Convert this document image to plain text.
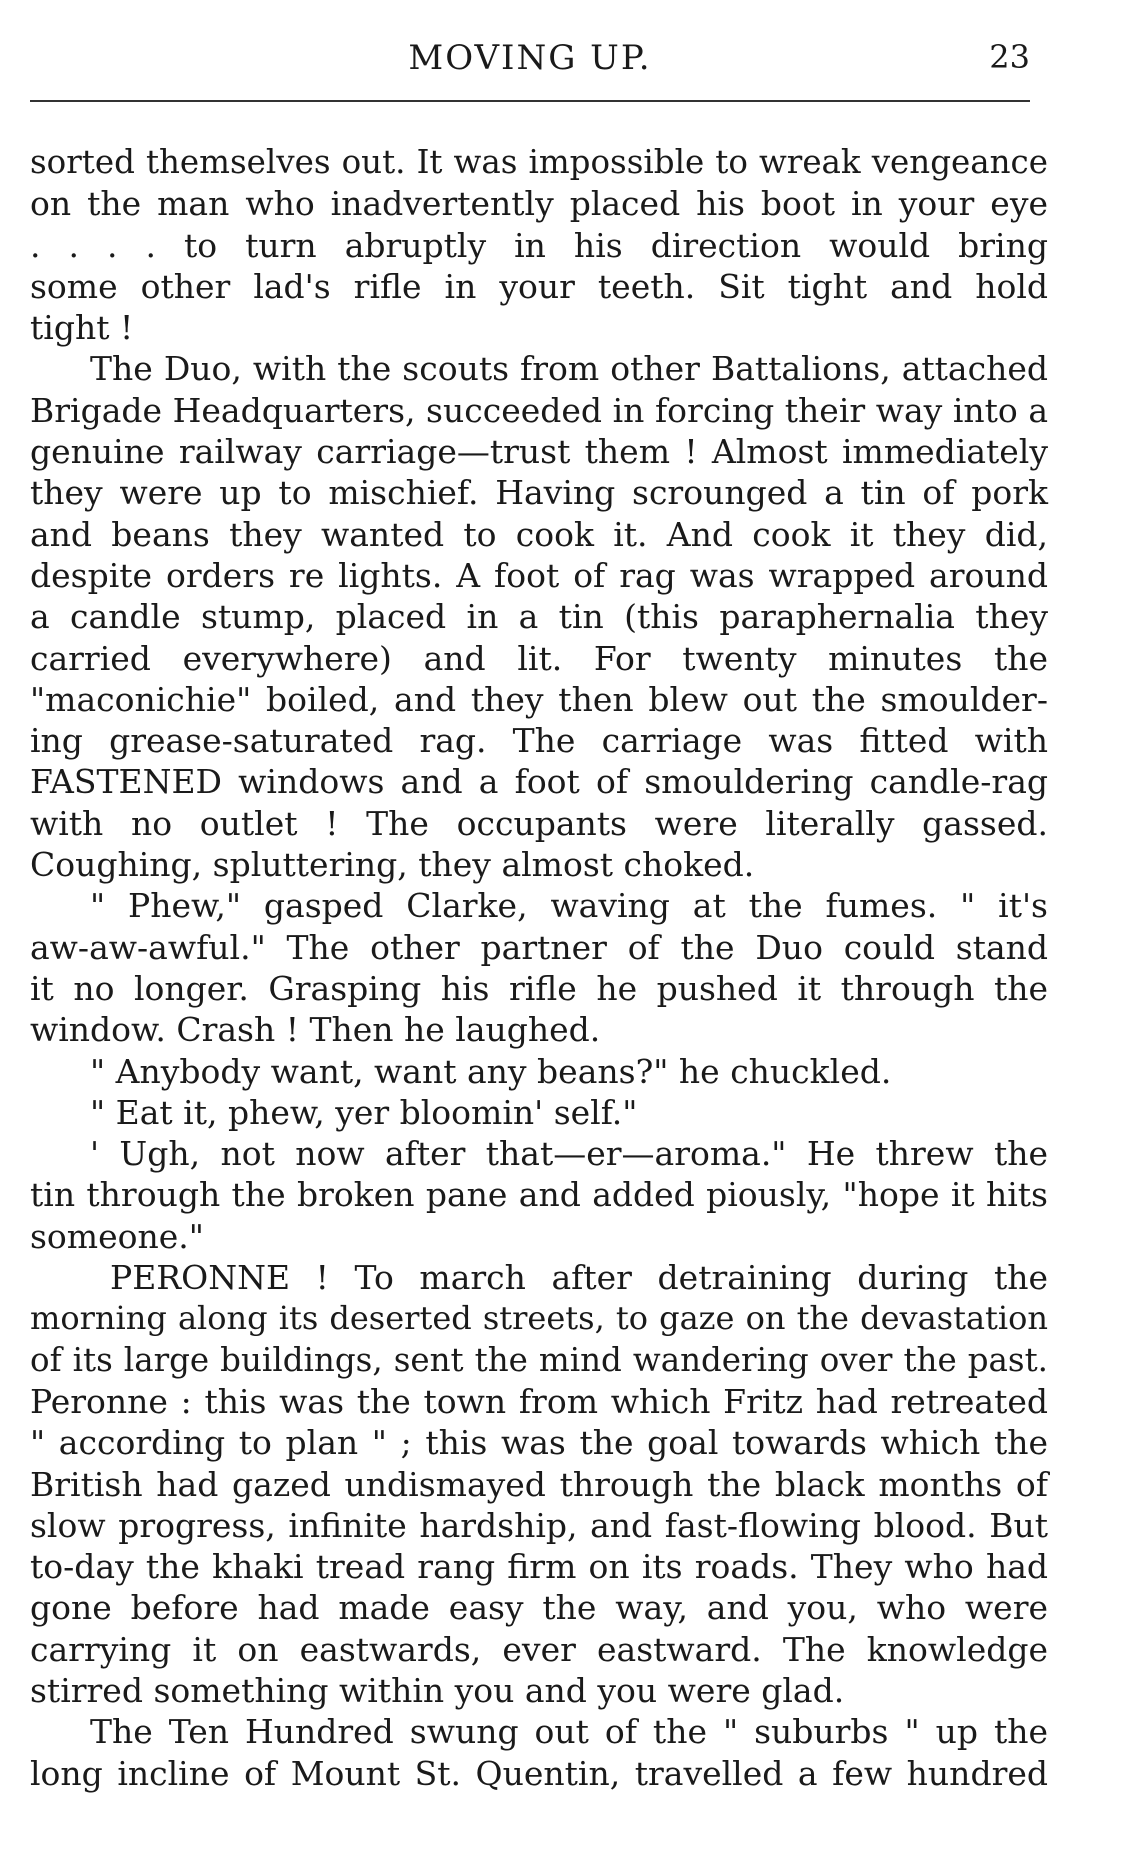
MOVING UP.	23
sorted themselves out. It was impossible to wreak vengeance
on the man who inadvertently placed his boot in your eye
. . . . to turn abruptly in his direction would bring
some other lad's rifle in your teeth. Sit tight and hold
tight !
The Duo, with the scouts from other Battalions, attached
Brigade Headquarters, succeeded in forcing their way into a
genuine railway carriage—trust them ! Almost immediately
they were up to mischief. Having scrounged a tin of pork
and beans they wanted to cook it. And cook it they did,
despite orders re lights. A foot of rag was wrapped around
a candle stump, placed in a tin (this paraphernalia they
carried everywhere) and lit. For twenty minutes the
"maconichie" boiled, and they then blew out the smoulder-
ing grease-saturated rag. The carriage was fitted with
FASTENED windows and a foot of smouldering candle-rag
with no outlet ! The occupants were literally gassed.
Coughing, spluttering, they almost choked.
" Phew," gasped Clarke, waving at the fumes. " it's
aw-aw-awful." The other partner of the Duo could stand
it no longer. Grasping his rifle he pushed it through the
window. Crash ! Then he laughed.
" Anybody want, want any beans?" he chuckled.
" Eat it, phew, yer bloomin' self."
' Ugh, not now after that—er—aroma." He threw the
tin through the broken pane and added piously, "hope it hits
someone."
PERONNE ! To march after detraining during the
morning along its deserted streets, to gaze on the devastation
of its large buildings, sent the mind wandering over the past.
Peronne : this was the town from which Fritz had retreated
" according to plan " ; this was the goal towards which the
British had gazed undismayed through the black months of
slow progress, infinite hardship, and fast-flowing blood. But
to-day the khaki tread rang firm on its roads. They who had
gone before had made easy the way, and you, who were
carrying it on eastwards, ever eastward. The knowledge
stirred something within you and you were glad.
The Ten Hundred swung out of the " suburbs " up the
long incline of Mount St. Quentin, travelled a few hundred
